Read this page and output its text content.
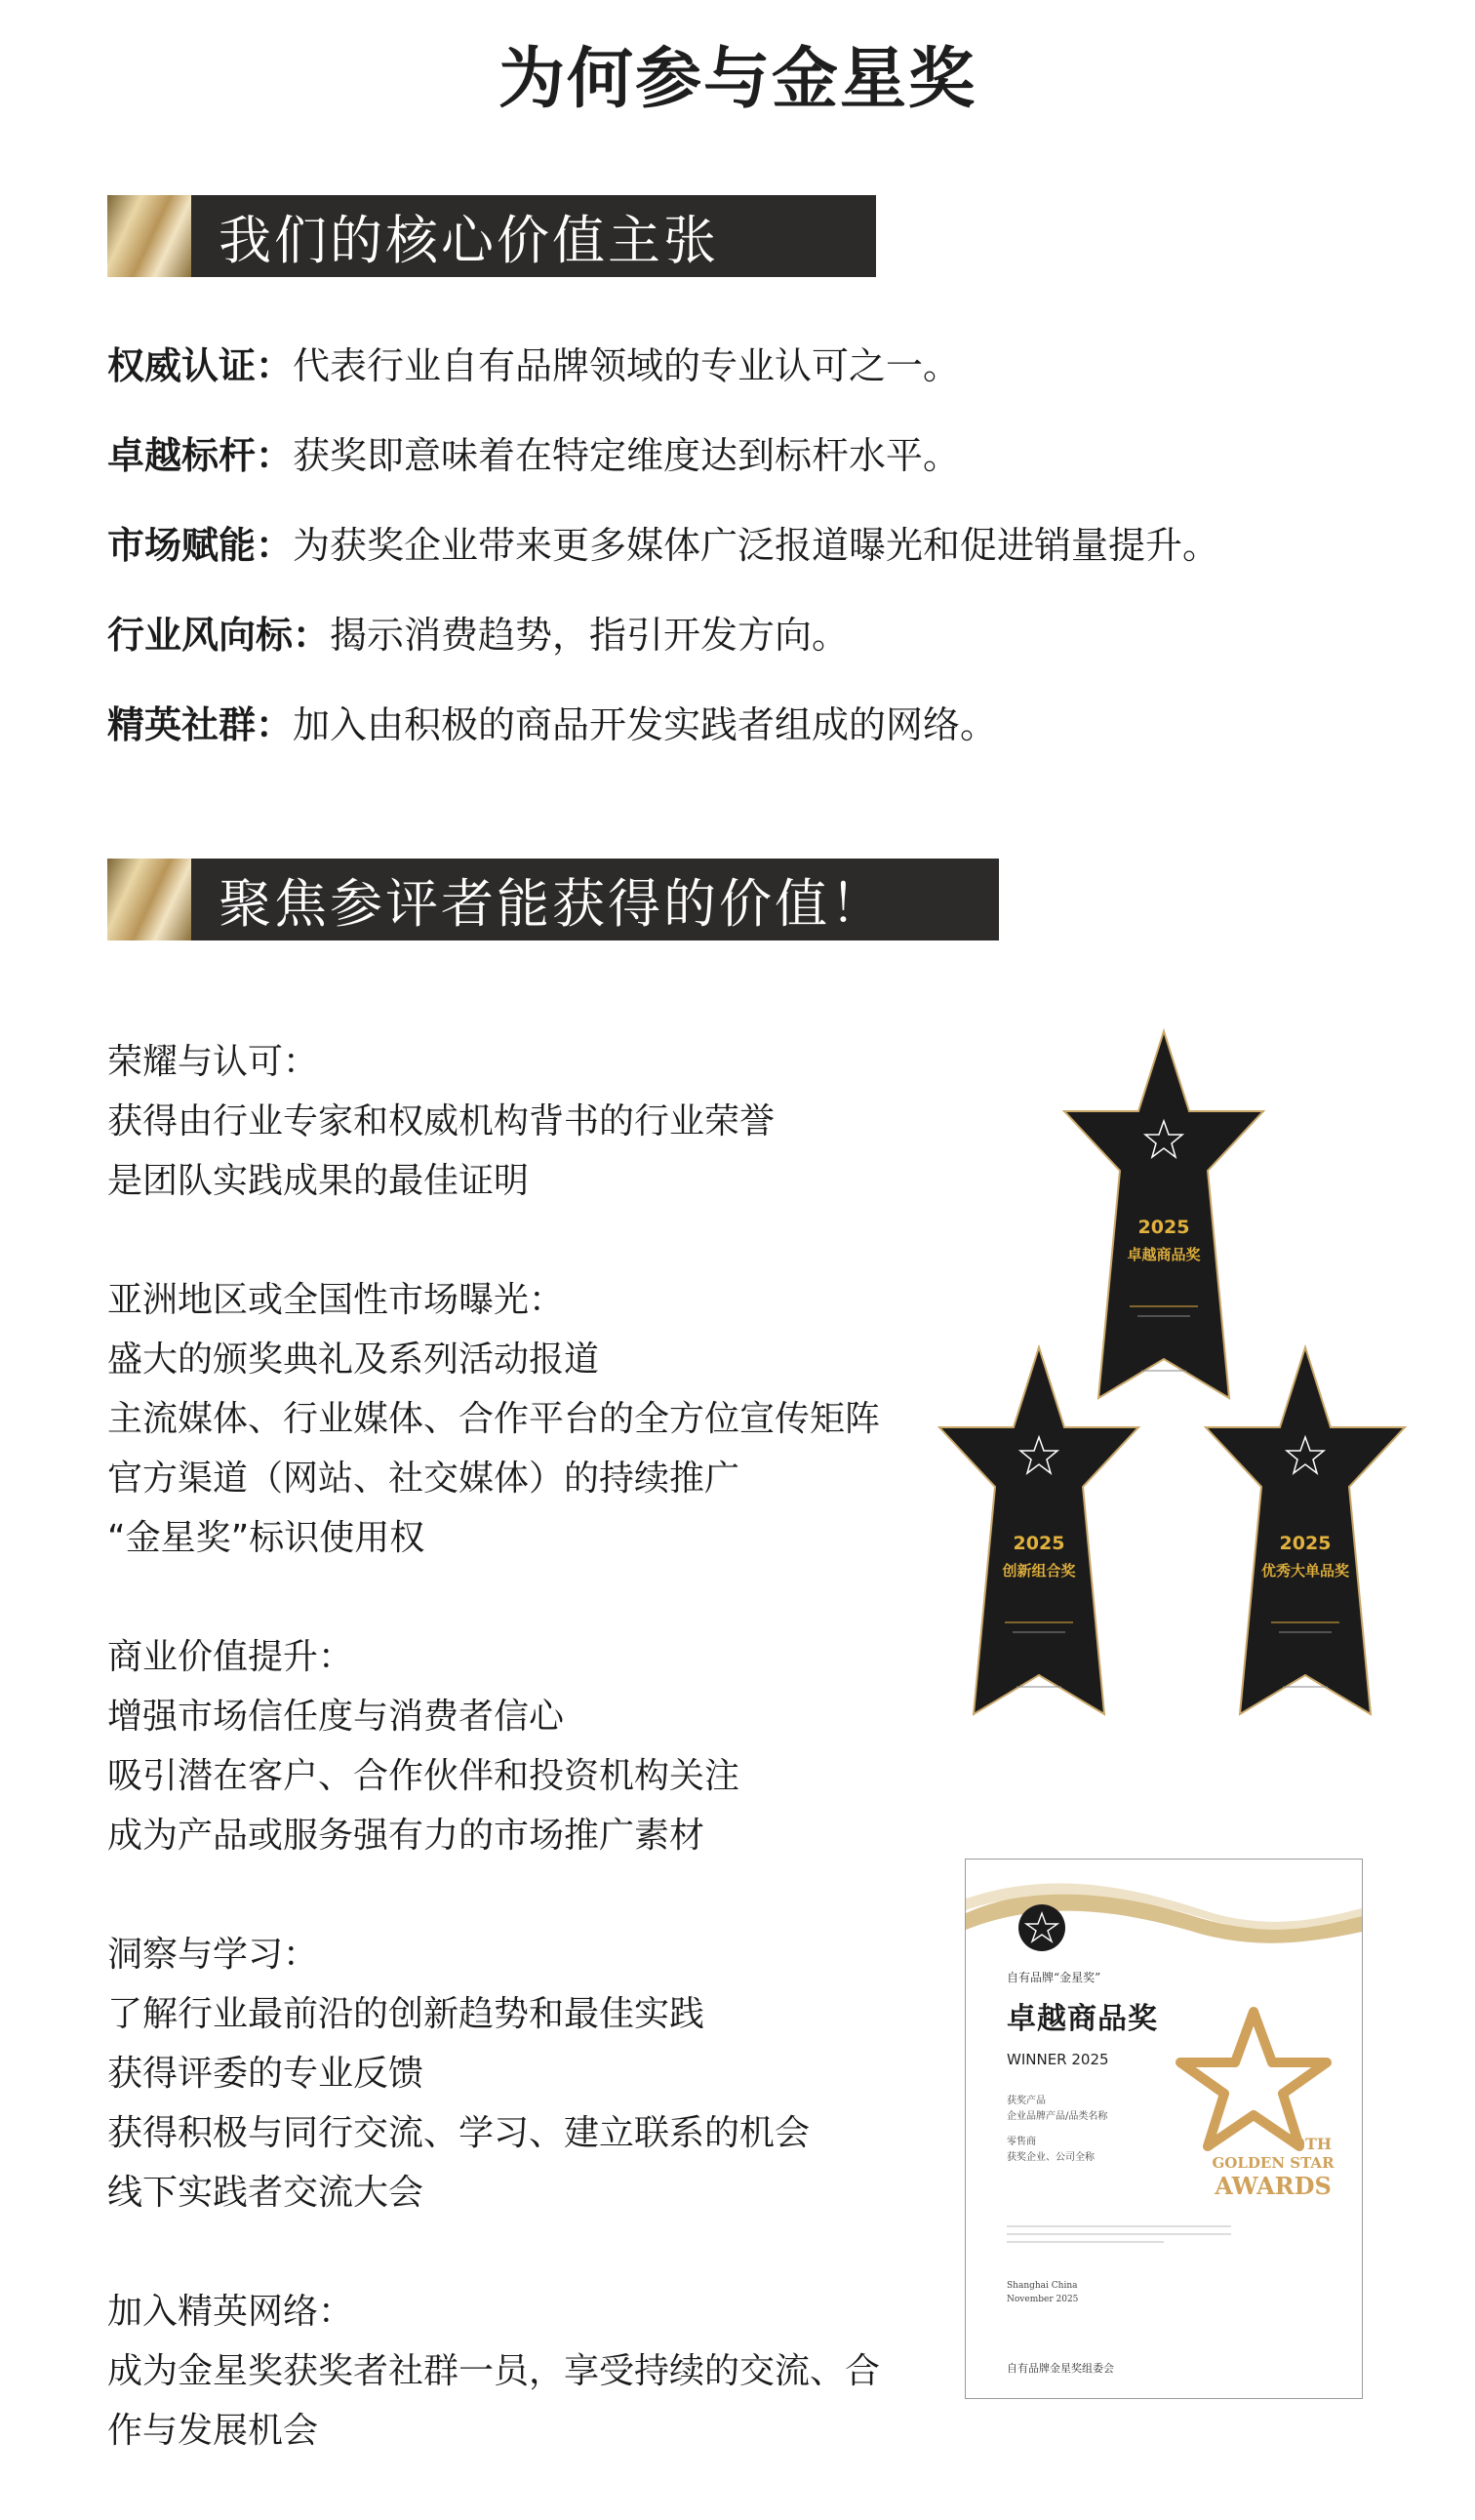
为何参与金星奖
我们的核心价值主张
权威认证：代表行业自有品牌领域的专业认可之一。
卓越标杆：获奖即意味着在特定维度达到标杆水平。
市场赋能：为获奖企业带来更多媒体广泛报道曝光和促进销量提升。
行业风向标：揭示消费趋势，指引开发方向。
精英社群：加入由积极的商品开发实践者组成的网络。
聚焦参评者能获得的价值！
荣耀与认可：
获得由行业专家和权威机构背书的行业荣誉
是团队实践成果的最佳证明
亚洲地区或全国性市场曝光：
盛大的颁奖典礼及系列活动报道
主流媒体、行业媒体、合作平台的全方位宣传矩阵
官方渠道（网站、社交媒体）的持续推广
“金星奖”标识使用权
商业价值提升：
增强市场信任度与消费者信心
吸引潜在客户、合作伙伴和投资机构关注
成为产品或服务强有力的市场推广素材
洞察与学习：
了解行业最前沿的创新趋势和最佳实践
获得评委的专业反馈
获得积极与同行交流、学习、建立联系的机会
线下实践者交流大会
加入精英网络：
成为金星奖获奖者社群一员，享受持续的交流、合
作与发展机会
2025
卓越商品奖
2025
创新组合奖
2025
优秀大单品奖
自有品牌“金星奖”
卓越商品奖
WINNER 2025
获奖产品
企业品牌产品/品类名称
零售商
获奖企业、公司全称
Shanghai China
November 2025
自有品牌金星奖组委会
9TH
GOLDEN STAR
AWARDS
